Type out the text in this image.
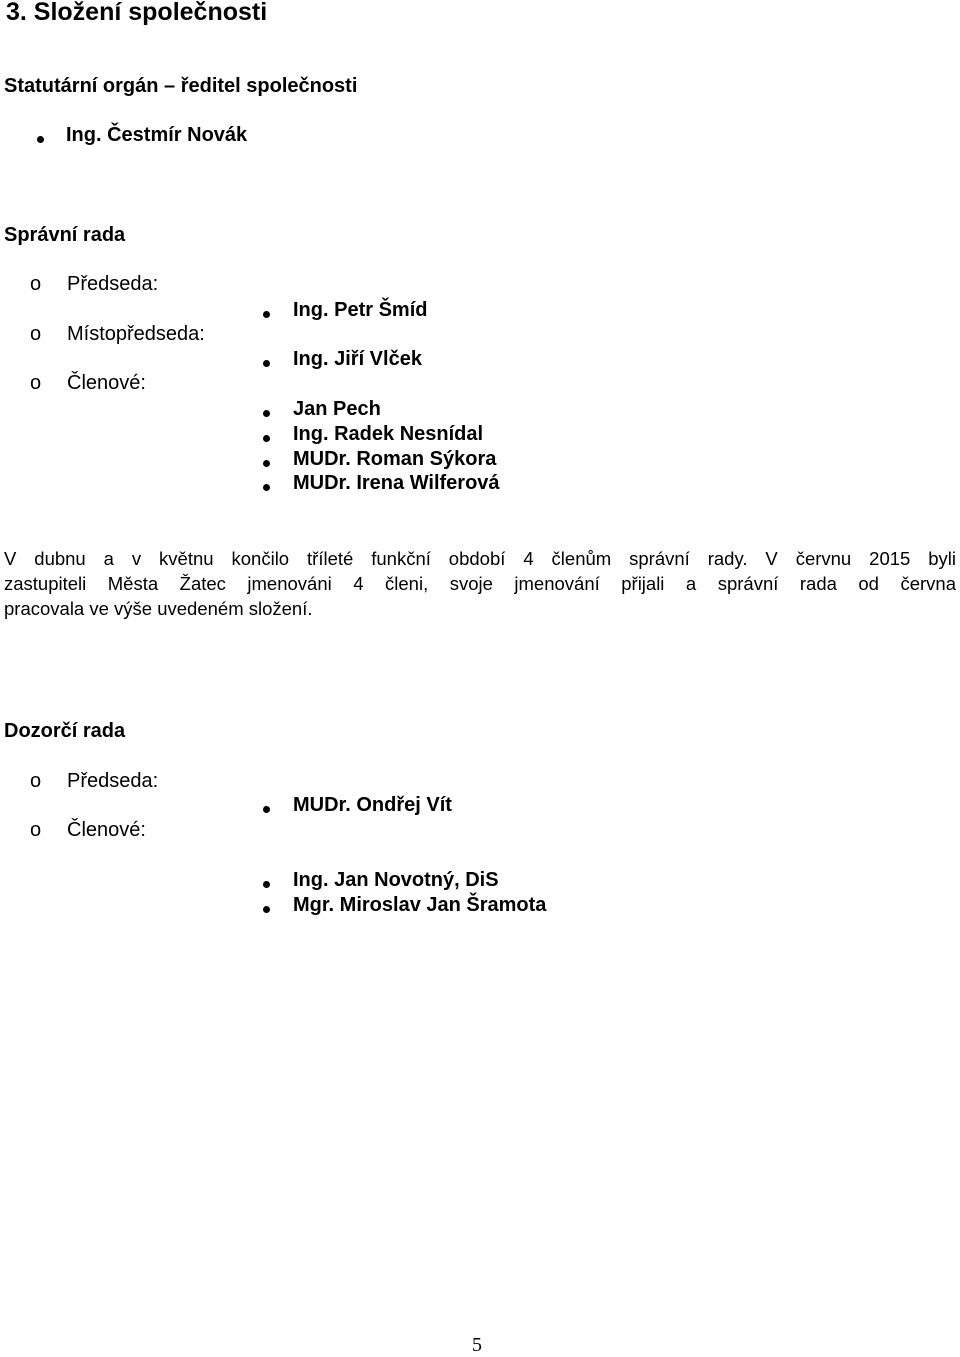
3. Složení společnosti
Statutární orgán – ředitel společnosti
Ing. Čestmír Novák
Správní rada
o Předseda:
o Místopředseda:
o Členové:
Ing. Petr Šmíd
Ing. Jiří Vlček
Jan Pech
Ing. Radek Nesnídal
MUDr. Roman Sýkora
MUDr. Irena Wilferová
V dubnu a v květnu končilo tříleté funkční období 4 členům správní rady. V červnu 2015 byli
zastupiteli Města Žatec jmenováni 4 členi, svoje jmenování přijali a správní rada od června
pracovala ve výše uvedeném složení.
Dozorčí rada
o Předseda:
o Členové:
MUDr. Ondřej Vít
Ing. Jan Novotný, DiS
Mgr. Miroslav Jan Šramota
5
